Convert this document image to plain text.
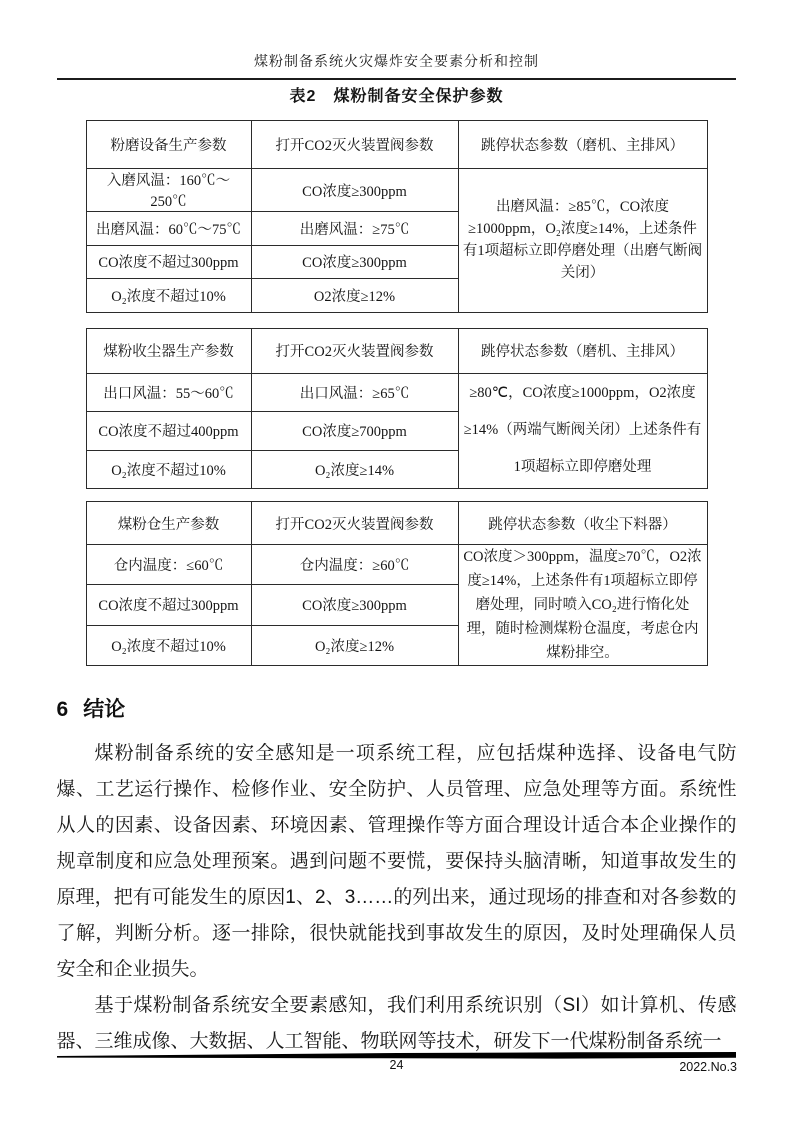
煤粉制备系统火灾爆炸安全要素分析和控制
表2　煤粉制备安全保护参数
粉磨设备生产参数	打开CO2灭火装置阀参数	跳停状态参数（磨机、主排风）
入磨风温：160℃～250℃	CO浓度≥300ppm	出磨风温：≥85℃，CO浓度≥1000ppm，O₂浓度≥14%，上述条件有1项超标立即停磨处理（出磨气断阀关闭）
出磨风温：60℃～75℃	出磨风温：≥75℃	
CO浓度不超过300ppm	CO浓度≥300ppm	
O₂浓度不超过10%	O2浓度≥12%	
煤粉收尘器生产参数	打开CO2灭火装置阀参数	跳停状态参数（磨机、主排风）
出口风温：55～60℃	出口风温：≥65℃	≥80℃，CO浓度≥1000ppm，O2浓度≥14%（两端气断阀关闭）上述条件有1项超标立即停磨处理
CO浓度不超过400ppm	CO浓度≥700ppm	
O₂浓度不超过10%	O₂浓度≥14%	
煤粉仓生产参数	打开CO2灭火装置阀参数	跳停状态参数（收尘下料器）
仓内温度：≤60℃	仓内温度：≥60℃	CO浓度＞300ppm，温度≥70℃，O2浓度≥14%，上述条件有1项超标立即停磨处理，同时喷入CO₂进行惰化处理，随时检测煤粉仓温度，考虑仓内煤粉排空。
CO浓度不超过300ppm	CO浓度≥300ppm	
O₂浓度不超过10%	O₂浓度≥12%	
6 结论

煤粉制备系统的安全感知是一项系统工程，应包括煤种选择、设备电气防爆、工艺运行操作、检修作业、安全防护、人员管理、应急处理等方面。系统性从人的因素、设备因素、环境因素、管理操作等方面合理设计适合本企业操作的规章制度和应急处理预案。遇到问题不要慌，要保持头脑清晰，知道事故发生的原理，把有可能发生的原因1、2、3……的列出来，通过现场的排查和对各参数的了解，判断分析。逐一排除，很快就能找到事故发生的原因，及时处理确保人员安全和企业损失。

基于煤粉制备系统安全要素感知，我们利用系统识别（SI）如计算机、传感器、三维成像、大数据、人工智能、物联网等技术，研发下一代煤粉制备系统一

24	2022.No.3
